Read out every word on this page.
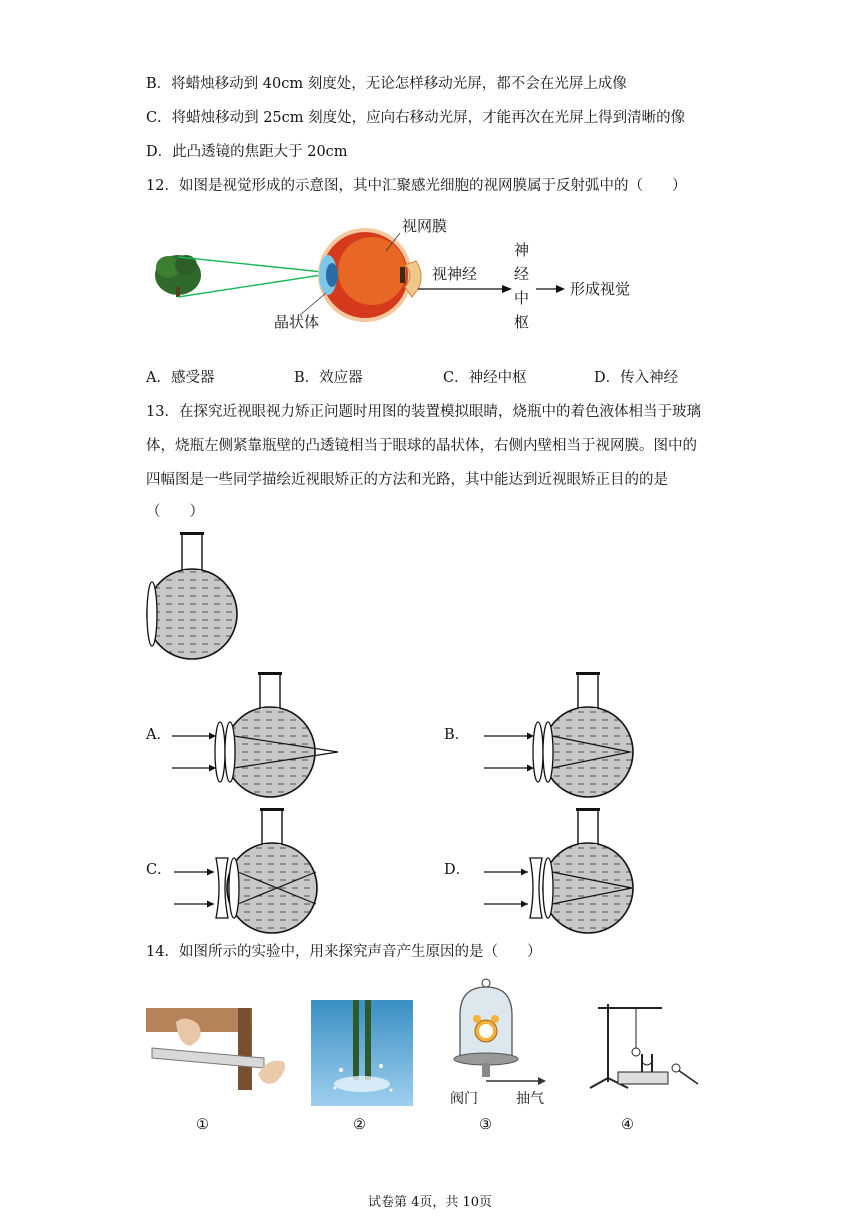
B．将蜡烛移动到 40cm 刻度处，无论怎样移动光屏，都不会在光屏上成像
C．将蜡烛移动到 25cm 刻度处，应向右移动光屏，才能再次在光屏上得到清晰的像
D．此凸透镜的焦距大于 20cm
12．如图是视觉形成的示意图，其中汇聚感光细胞的视网膜属于反射弧中的（　　）
视网膜
晶状体
视神经
神
经
中
枢
形成视觉
A．感受器	B．效应器	C．神经中枢	D．传入神经
13．在探究近视眼视力矫正问题时用图的装置模拟眼睛，烧瓶中的着色液体相当于玻璃
体，烧瓶左侧紧靠瓶壁的凸透镜相当于眼球的晶状体，右侧内壁相当于视网膜。图中的
四幅图是一些同学描绘近视眼矫正的方法和光路，其中能达到近视眼矫正目的的是
（　　）
A．	B．
C．	D．
14．如图所示的实验中，用来探究声音产生原因的是（　　）
阀门	抽气
①	②	③	④
试卷第 4页，共 10页
